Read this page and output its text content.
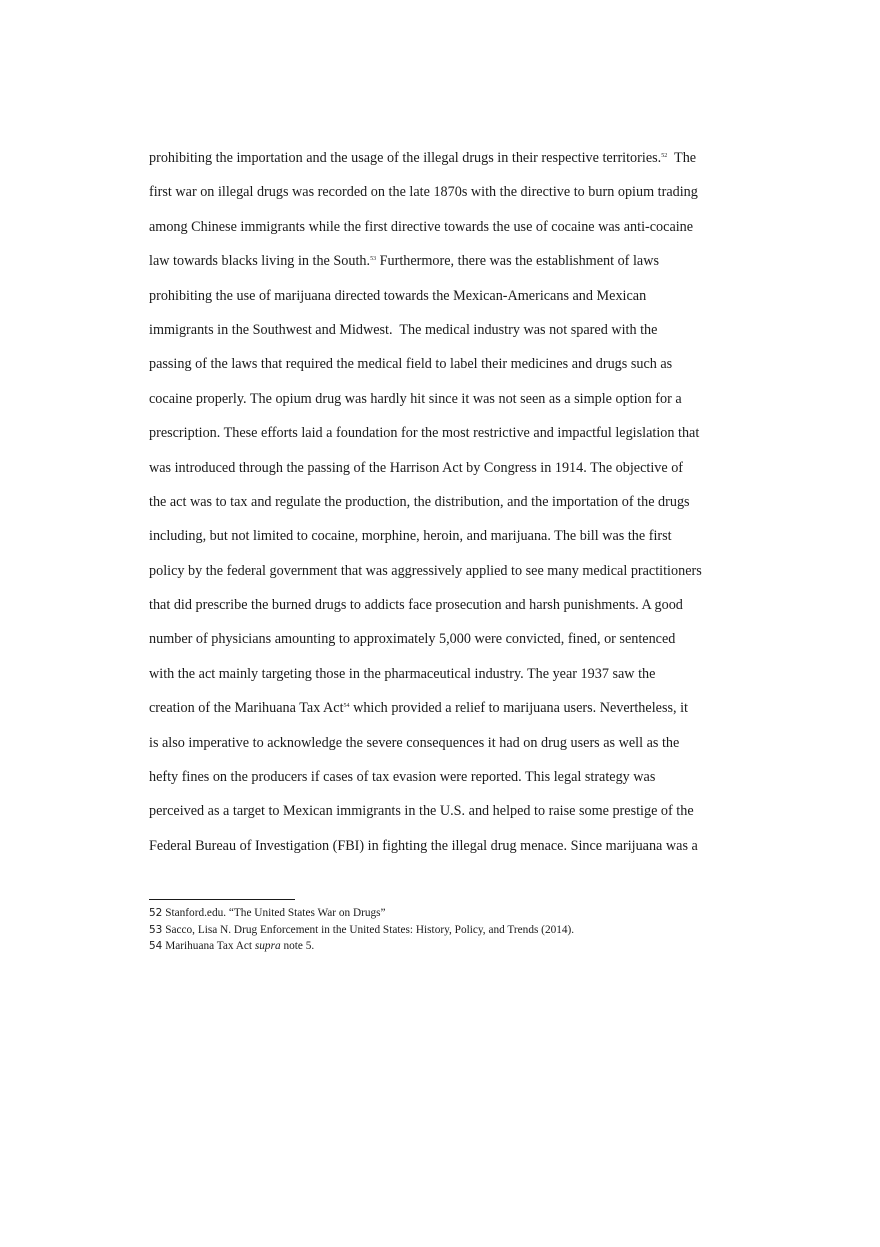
prohibiting the importation and the usage of the illegal drugs in their respective territories.$^{52}$  The
first war on illegal drugs was recorded on the late 1870s with the directive to burn opium trading
among Chinese immigrants while the first directive towards the use of cocaine was anti-cocaine
law towards blacks living in the South.$^{53}$ Furthermore, there was the establishment of laws
prohibiting the use of marijuana directed towards the Mexican-Americans and Mexican
immigrants in the Southwest and Midwest.  The medical industry was not spared with the
passing of the laws that required the medical field to label their medicines and drugs such as
cocaine properly. The opium drug was hardly hit since it was not seen as a simple option for a
prescription. These efforts laid a foundation for the most restrictive and impactful legislation that
was introduced through the passing of the Harrison Act by Congress in 1914. The objective of
the act was to tax and regulate the production, the distribution, and the importation of the drugs
including, but not limited to cocaine, morphine, heroin, and marijuana. The bill was the first
policy by the federal government that was aggressively applied to see many medical practitioners
that did prescribe the burned drugs to addicts face prosecution and harsh punishments. A good
number of physicians amounting to approximately 5,000 were convicted, fined, or sentenced
with the act mainly targeting those in the pharmaceutical industry. The year 1937 saw the
creation of the Marihuana Tax Act$^{54}$ which provided a relief to marijuana users. Nevertheless, it
is also imperative to acknowledge the severe consequences it had on drug users as well as the
hefty fines on the producers if cases of tax evasion were reported. This legal strategy was
perceived as a target to Mexican immigrants in the U.S. and helped to raise some prestige of the
Federal Bureau of Investigation (FBI) in fighting the illegal drug menace. Since marijuana was a
52 Stanford.edu. “The United States War on Drugs”
53 Sacco, Lisa N. Drug Enforcement in the United States: History, Policy, and Trends (2014).
54 Marihuana Tax Act supra note 5.
